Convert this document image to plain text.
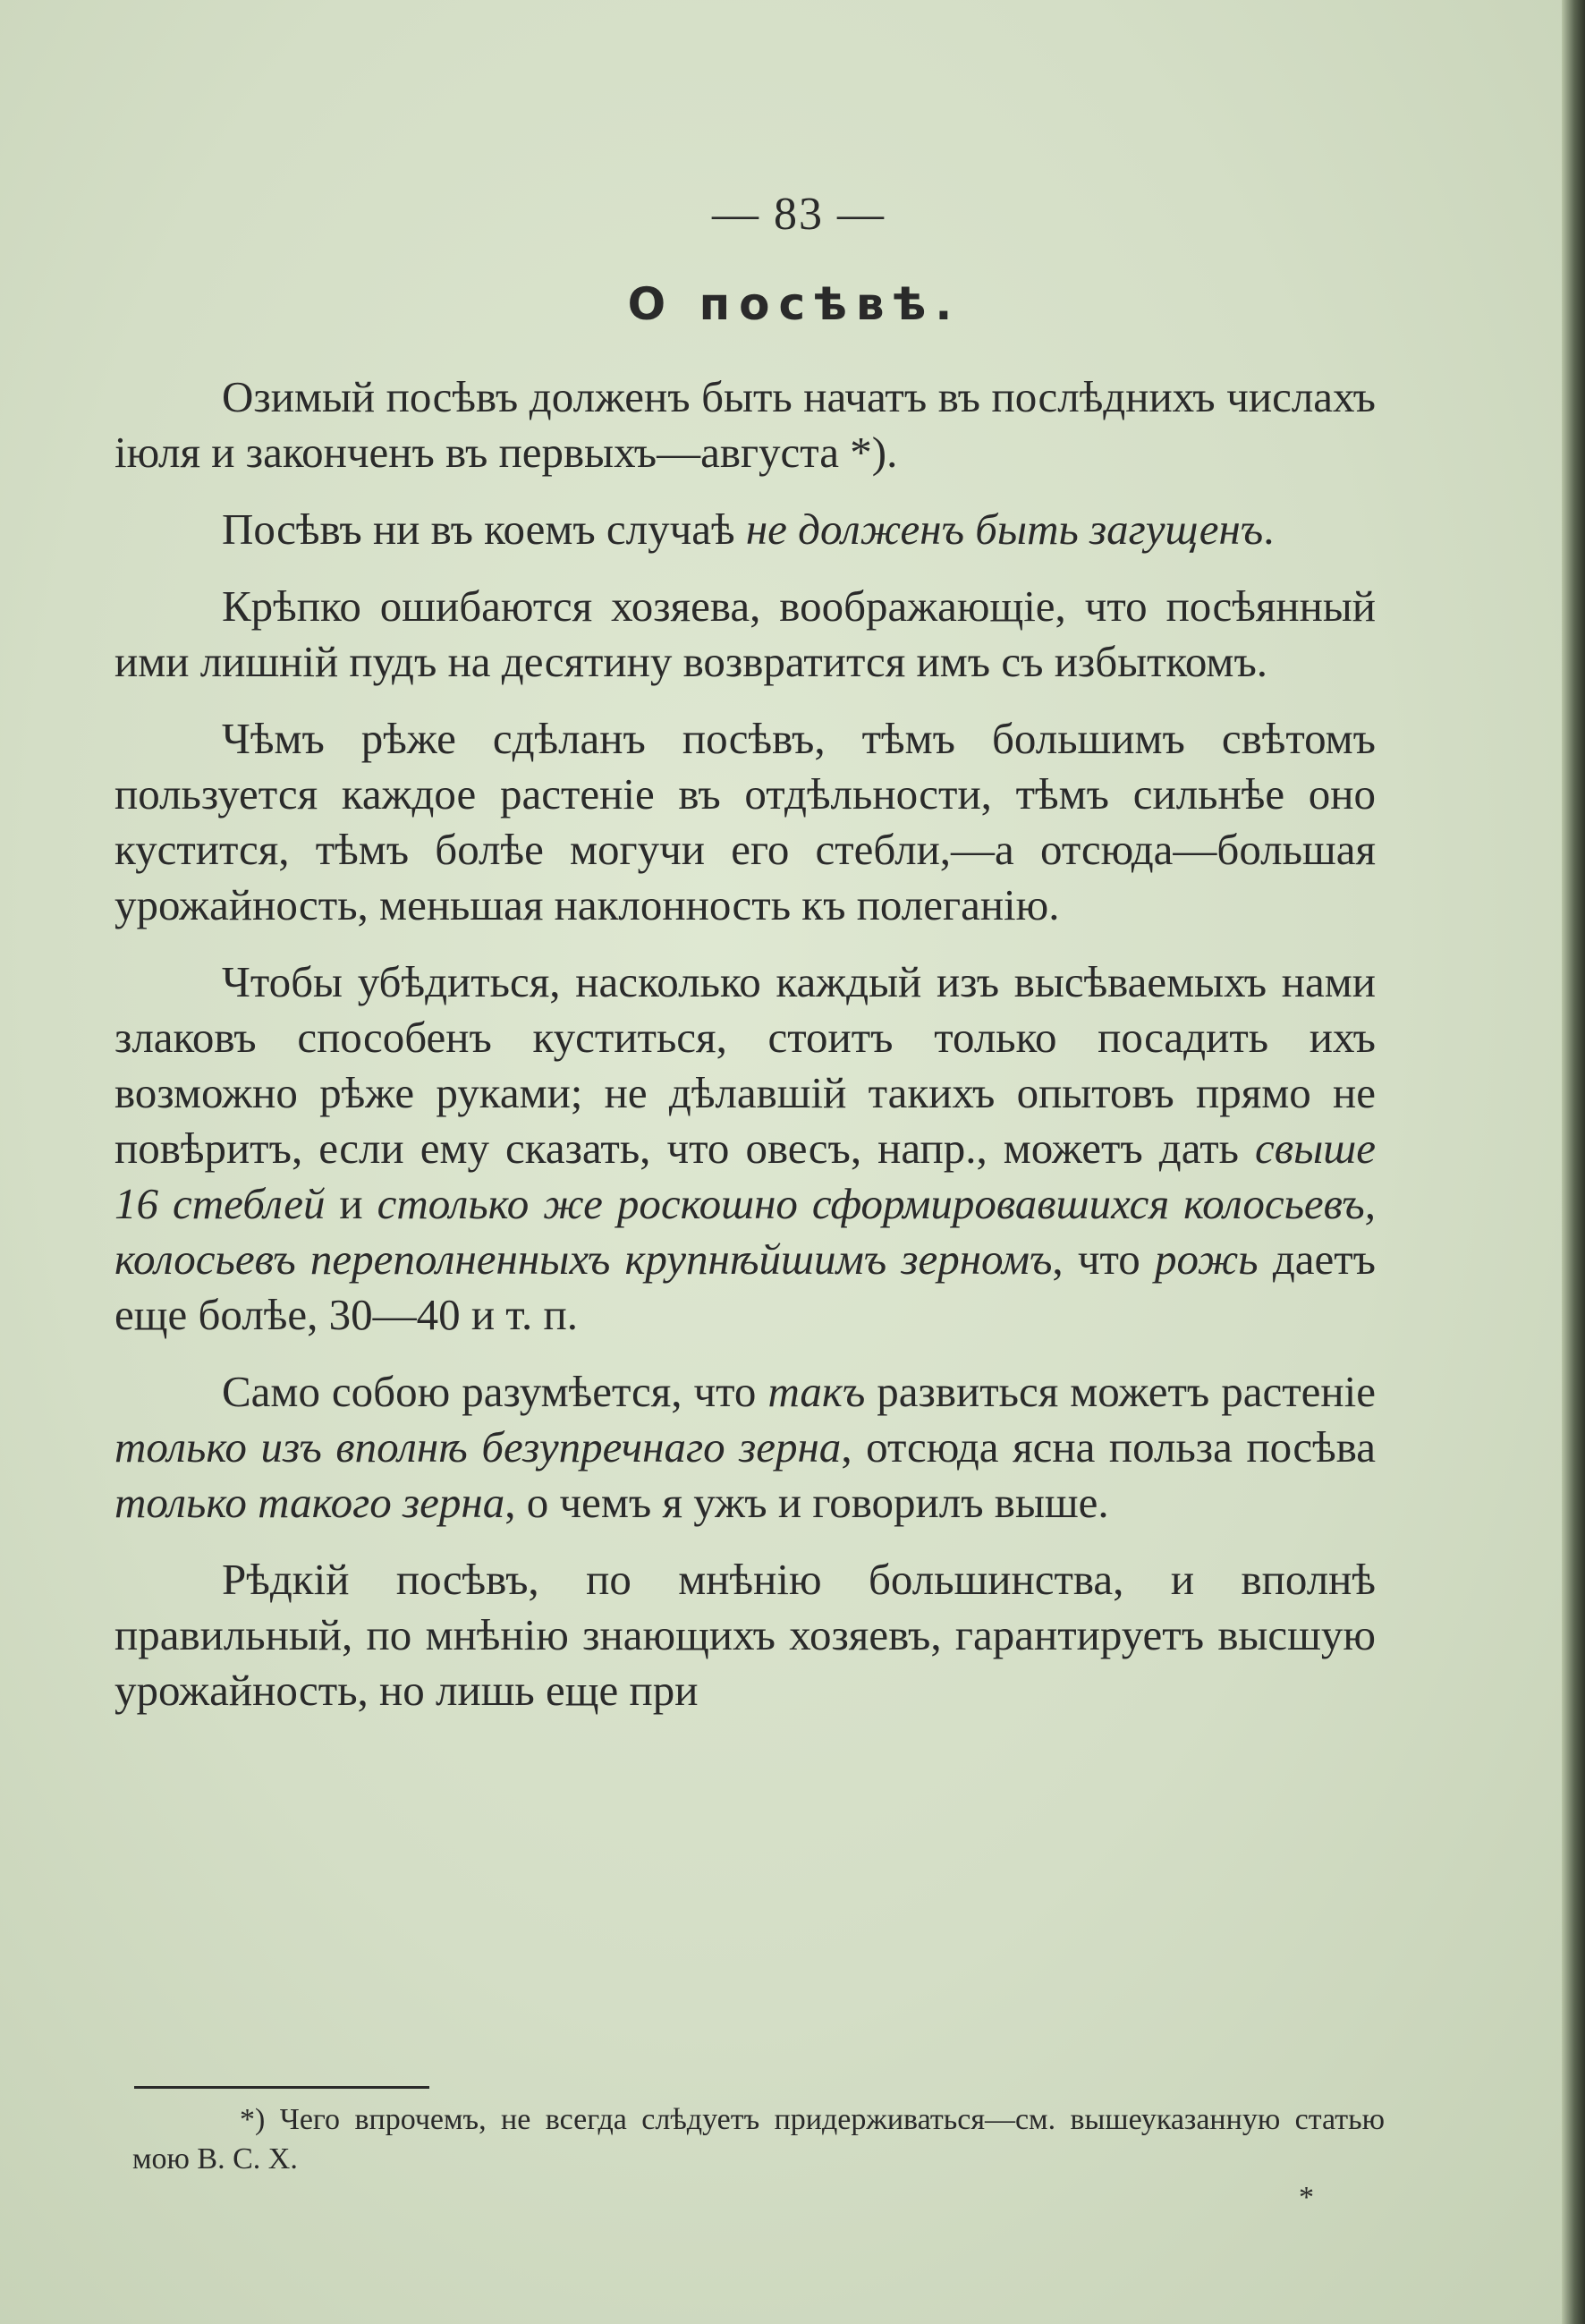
— 83 —
О посѣвѣ.

Озимый посѣвъ долженъ быть начатъ въ послѣднихъ числахъ іюля и законченъ въ первыхъ—августа *).

Посѣвъ ни въ коемъ случаѣ не долженъ быть загущенъ.

Крѣпко ошибаются хозяева, воображающіе, что посѣянный ими лишній пудъ на десятину возвратится имъ съ избыткомъ.

Чѣмъ рѣже сдѣланъ посѣвъ, тѣмъ большимъ свѣтомъ пользуется каждое растеніе въ отдѣльности, тѣмъ сильнѣе оно кустится, тѣмъ болѣе могучи его стебли,—а отсюда—большая урожайность, меньшая наклонность къ полеганію.

Чтобы убѣдиться, насколько каждый изъ высѣваемыхъ нами злаковъ способенъ куститься, стоитъ только посадить ихъ возможно рѣже руками; не дѣлавшій такихъ опытовъ прямо не повѣритъ, если ему сказать, что овесъ, напр., можетъ дать свыше 16 стеблей и столько же роскошно сформировавшихся колосьевъ, колосьевъ переполненныхъ крупнѣйшимъ зерномъ, что рожь даетъ еще болѣе, 30—40 и т. п.

Само собою разумѣется, что такъ развиться можетъ растеніе только изъ вполнѣ безупречнаго зерна, отсюда ясна польза посѣва только такого зерна, о чемъ я ужъ и говорилъ выше.

Рѣдкій посѣвъ, по мнѣнію большинства, и вполнѣ правильный, по мнѣнію знающихъ хозяевъ, гарантируетъ высшую урожайность, но лишь еще при

*) Чего впрочемъ, не всегда слѣдуетъ придерживаться—см. вышеуказанную статью мою В. С. Х.

*
